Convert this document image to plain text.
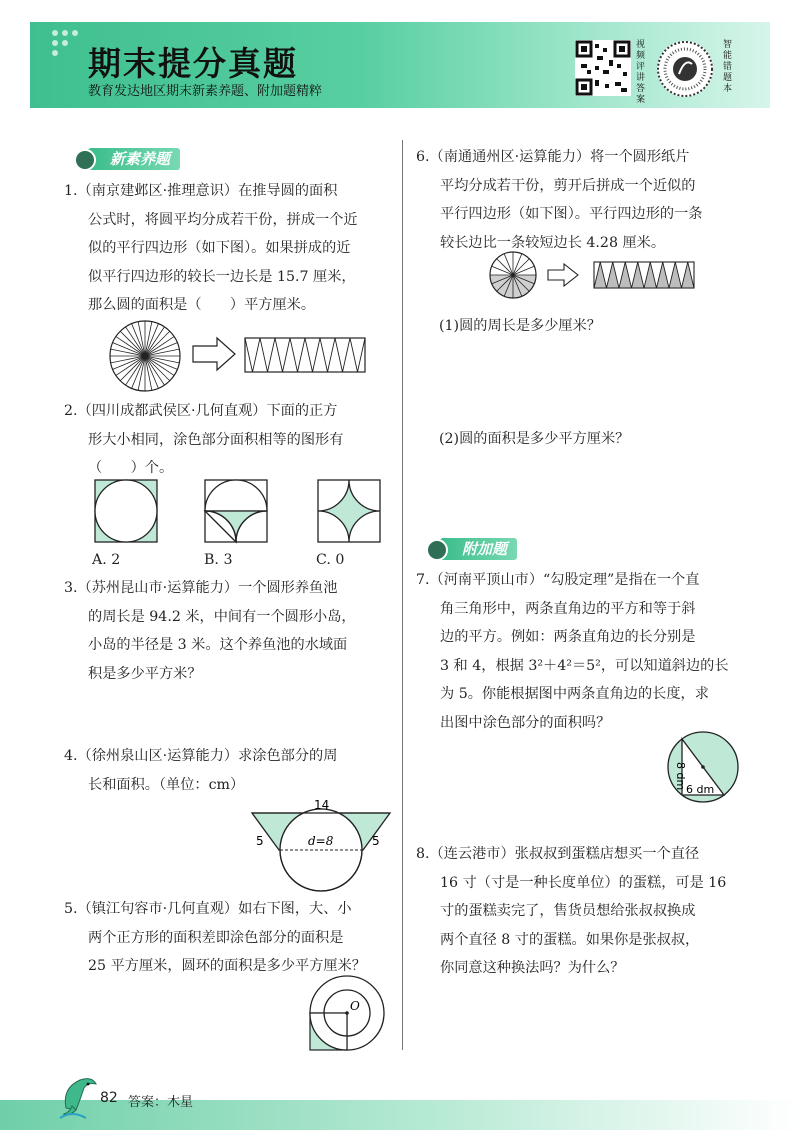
期末提分真题
教育发达地区期末新素养题、附加题精粹
视频评讲答案
智能错题本
新素养题
1.（南京建邺区·推理意识）在推导圆的面积
公式时，将圆平均分成若干份，拼成一个近
似的平行四边形（如下图）。如果拼成的近
似平行四边形的较长一边长是 15.7 厘米，
那么圆的面积是（　　）平方厘米。
2.（四川成都武侯区·几何直观）下面的正方
形大小相同，涂色部分面积相等的图形有
（　　）个。
A. 2	B. 3	C. 0
3.（苏州昆山市·运算能力）一个圆形养鱼池
的周长是 94.2 米，中间有一个圆形小岛，
小岛的半径是 3 米。这个养鱼池的水域面
积是多少平方米？
4.（徐州泉山区·运算能力）求涂色部分的周
长和面积。（单位：cm）
14
5	5
d=8
5.（镇江句容市·几何直观）如右下图，大、小
两个正方形的面积差即涂色部分的面积是
25 平方厘米，圆环的面积是多少平方厘米？
O
6.（南通通州区·运算能力）将一个圆形纸片
平均分成若干份，剪开后拼成一个近似的
平行四边形（如下图）。平行四边形的一条
较长边比一条较短边长 4.28 厘米。
(1)圆的周长是多少厘米？
(2)圆的面积是多少平方厘米？
附加题
7.（河南平顶山市）“勾股定理”是指在一个直
角三角形中，两条直角边的平方和等于斜
边的平方。例如：两条直角边的长分别是
3 和 4，根据 3²＋4²＝5²，可以知道斜边的长
为 5。你能根据图中两条直角边的长度，求
出图中涂色部分的面积吗？
8 dm 6 dm
8.（连云港市）张叔叔到蛋糕店想买一个直径
16 寸（寸是一种长度单位）的蛋糕，可是 16
寸的蛋糕卖完了，售货员想给张叔叔换成
两个直径 8 寸的蛋糕。如果你是张叔叔，
你同意这种换法吗？为什么？
82 答案：木星
